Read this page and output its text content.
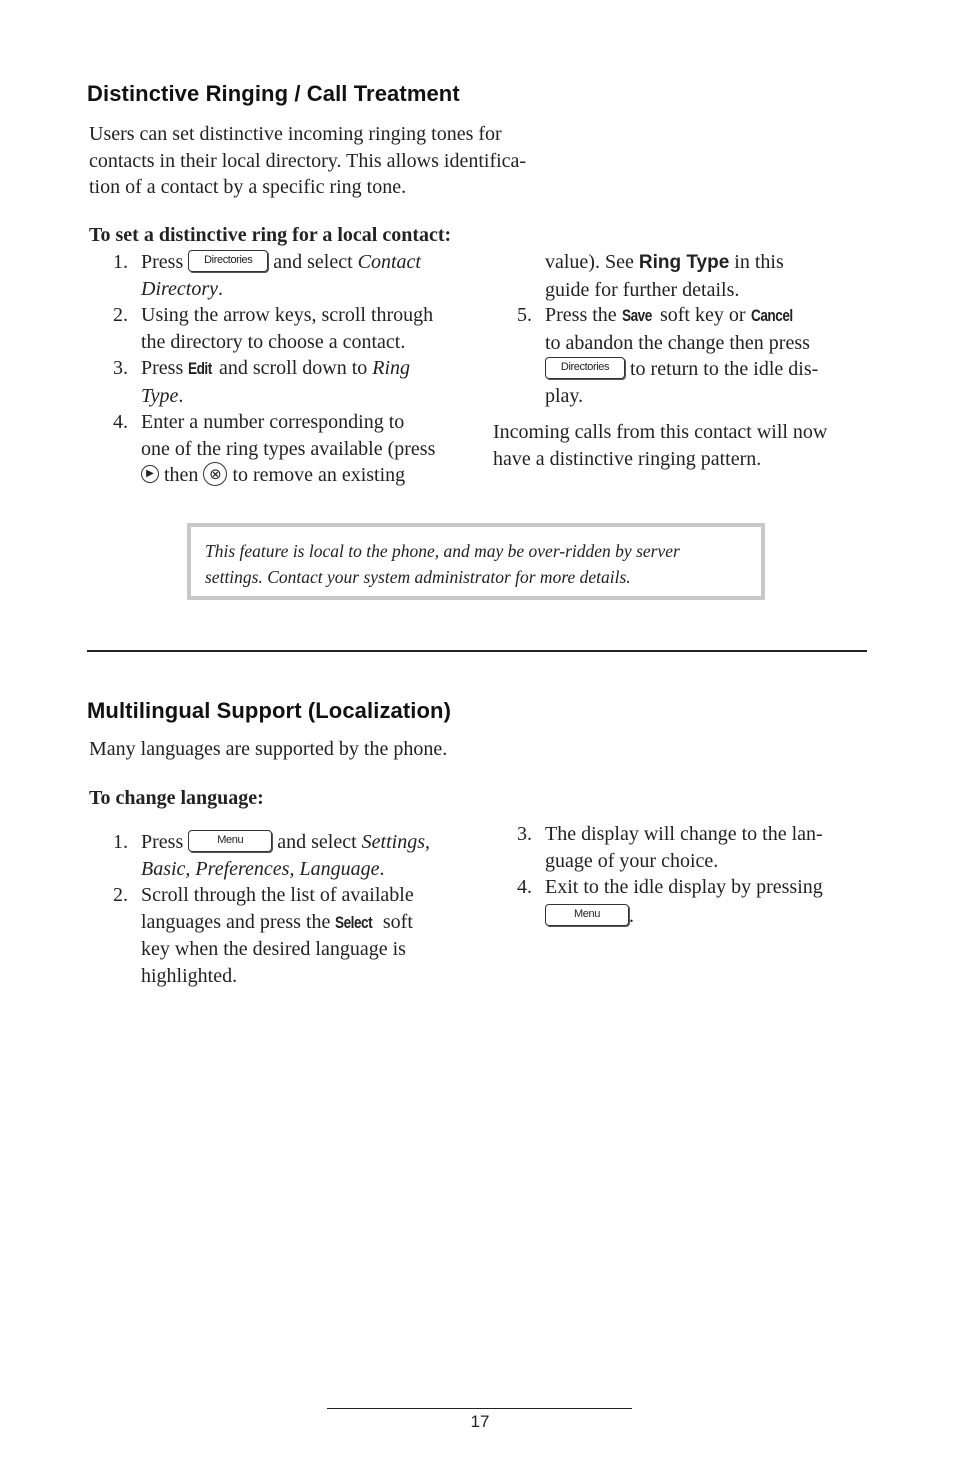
Distinctive Ringing / Call Treatment
Users can set distinctive incoming ringing tones for
contacts in their local directory. This allows identifica-
tion of a contact by a specific ring tone.
To set a distinctive ring for a local contact:
1. Press Directories and select Contact
Directory.
2. Using the arrow keys, scroll through
the directory to choose a contact.
3. Press Edit and scroll down to Ring
Type.
4. Enter a number corresponding to
one of the ring types available (press
▶ then ⊗ to remove an existing
value). See Ring Type in this
guide for further details.
5. Press the Save soft key or Cancel
to abandon the change then press
Directories to return to the idle dis-
play.
Incoming calls from this contact will now
have a distinctive ringing pattern.
This feature is local to the phone, and may be over-ridden by server
settings. Contact your system administrator for more details.
Multilingual Support (Localization)
Many languages are supported by the phone.
To change language:
1. Press	Menu and select Settings,
Basic, Preferences, Language.
2. Scroll through the list of available
languages and press the Select soft
key when the desired language is
highlighted.
3. The display will change to the lan-
guage of your choice.
4. Exit to the idle display by pressing
Menu .
17
